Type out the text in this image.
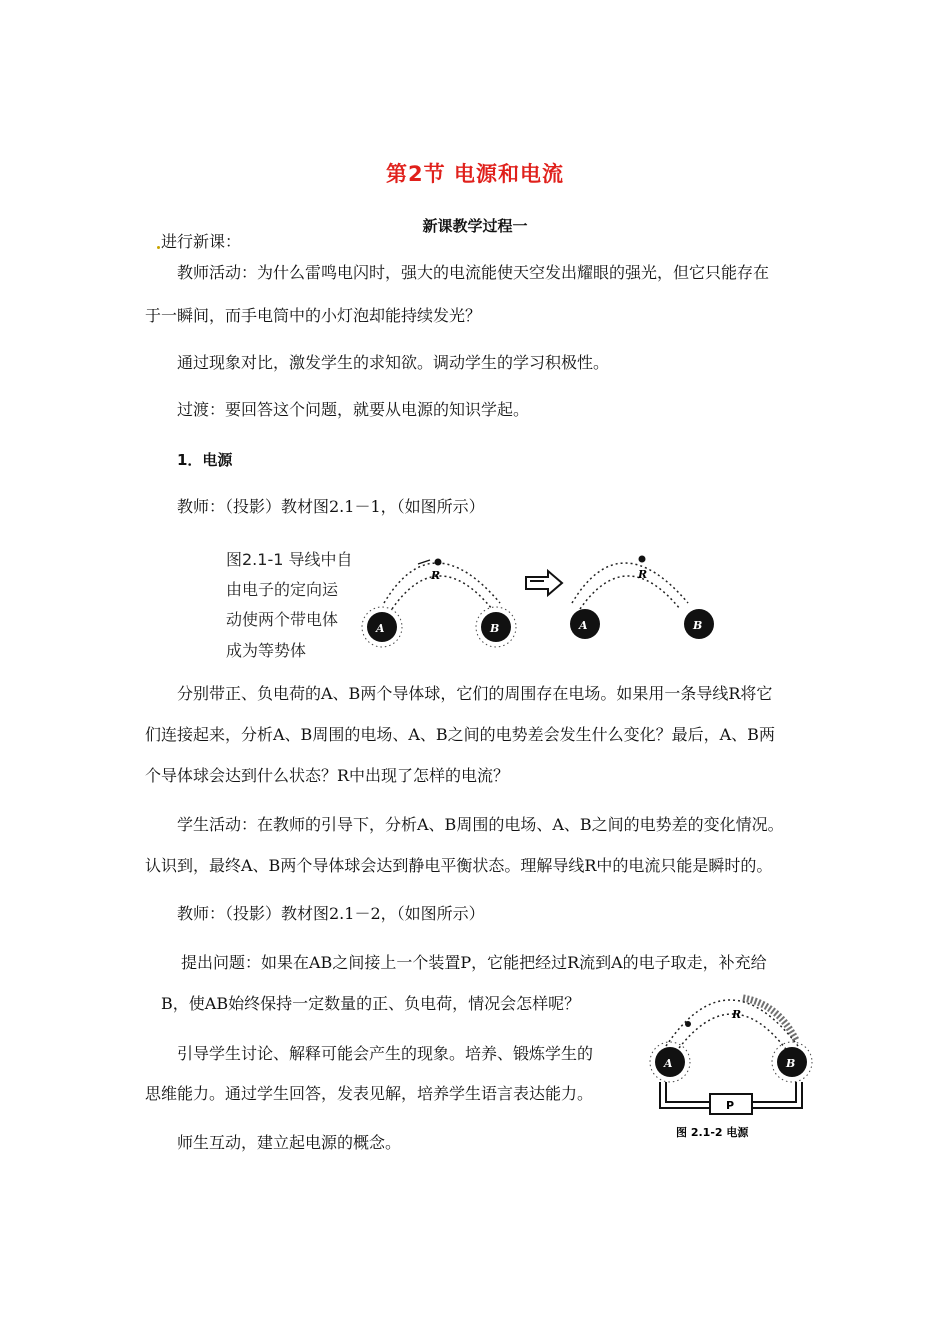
第2节 电源和电流
新课教学过程一
进行新课：
教师活动：为什么雷鸣电闪时，强大的电流能使天空发出耀眼的强光，但它只能存在
于一瞬间，而手电筒中的小灯泡却能持续发光？
通过现象对比，激发学生的求知欲。调动学生的学习积极性。
过渡：要回答这个问题，就要从电源的知识学起。
1．电源
教师：（投影）教材图2.1－1，（如图所示）
图2.1-1 导线中自
由电子的定向运
动使两个带电体
成为等势体
R
A	B
R
A	B
分别带正、负电荷的A、B两个导体球，它们的周围存在电场。如果用一条导线R将它
们连接起来，分析A、B周围的电场、A、B之间的电势差会发生什么变化？最后，A、B两
个导体球会达到什么状态？R中出现了怎样的电流？
学生活动：在教师的引导下，分析A、B周围的电场、A、B之间的电势差的变化情况。
认识到，最终A、B两个导体球会达到静电平衡状态。理解导线R中的电流只能是瞬时的。
教师：（投影）教材图2.1－2，（如图所示）
提出问题：如果在AB之间接上一个装置P，它能把经过R流到A的电子取走，补充给
B，使AB始终保持一定数量的正、负电荷，情况会怎样呢？
引导学生讨论、解释可能会产生的现象。培养、锻炼学生的
思维能力。通过学生回答，发表见解，培养学生语言表达能力。
师生互动，建立起电源的概念。
R
A	B
P
图 2.1-2 电源
